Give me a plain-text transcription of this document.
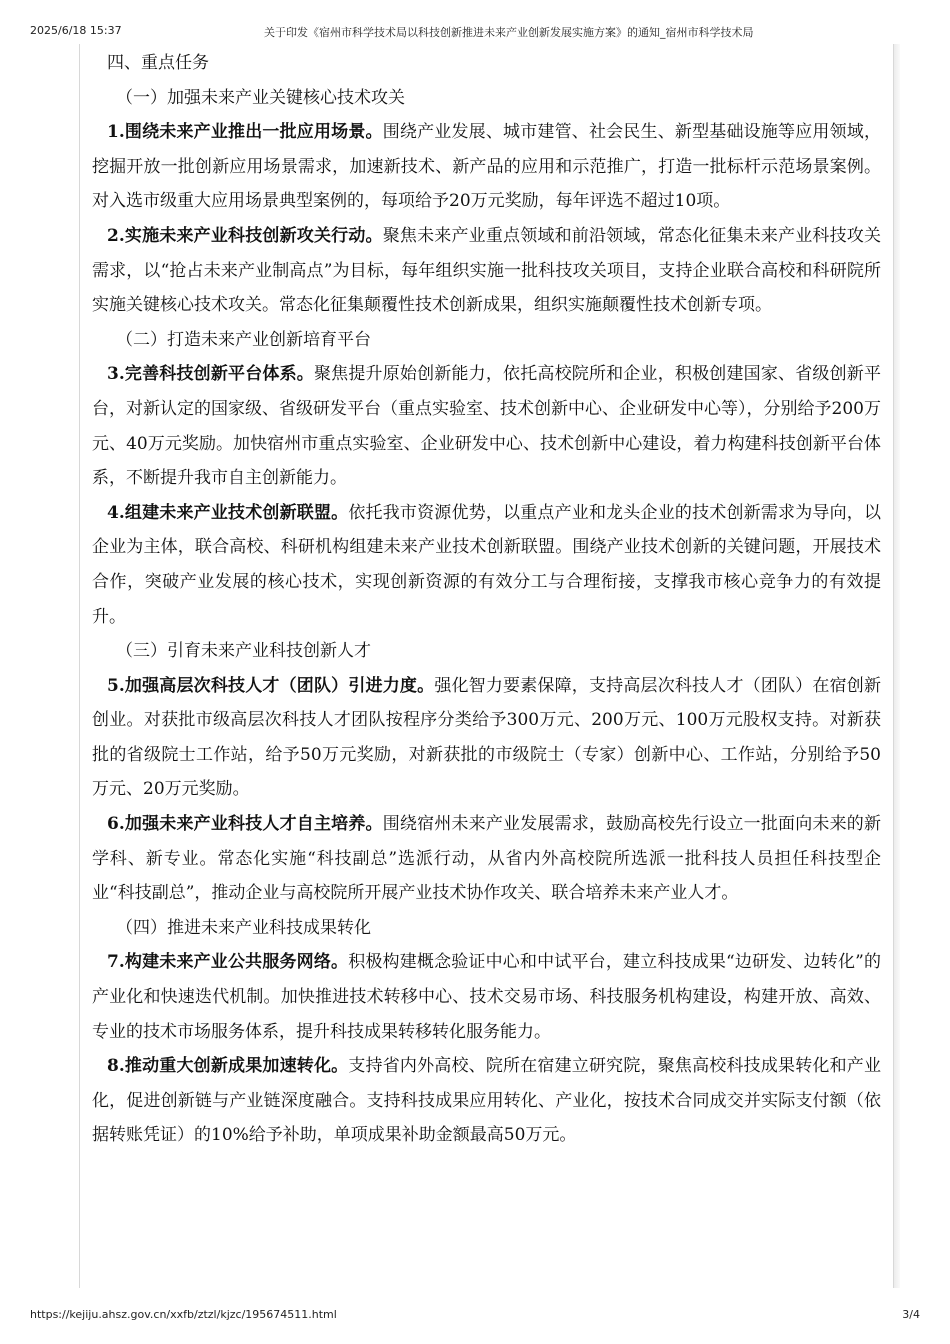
2025/6/18 15:37	关于印发《宿州市科学技术局以科技创新推进未来产业创新发展实施方案》的通知_宿州市科学技术局

四、重点任务

（一）加强未来产业关键核心技术攻关

1.围绕未来产业推出一批应用场景。围绕产业发展、城市建管、社会民生、新型基础设施等应用领域，挖掘开放一批创新应用场景需求，加速新技术、新产品的应用和示范推广，打造一批标杆示范场景案例。对入选市级重大应用场景典型案例的，每项给予20万元奖励，每年评选不超过10项。

2.实施未来产业科技创新攻关行动。聚焦未来产业重点领域和前沿领域，常态化征集未来产业科技攻关需求，以“抢占未来产业制高点”为目标，每年组织实施一批科技攻关项目，支持企业联合高校和科研院所实施关键核心技术攻关。常态化征集颠覆性技术创新成果，组织实施颠覆性技术创新专项。

（二）打造未来产业创新培育平台

3.完善科技创新平台体系。聚焦提升原始创新能力，依托高校院所和企业，积极创建国家、省级创新平台，对新认定的国家级、省级研发平台（重点实验室、技术创新中心、企业研发中心等），分别给予200万元、40万元奖励。加快宿州市重点实验室、企业研发中心、技术创新中心建设，着力构建科技创新平台体系，不断提升我市自主创新能力。

4.组建未来产业技术创新联盟。依托我市资源优势，以重点产业和龙头企业的技术创新需求为导向，以企业为主体，联合高校、科研机构组建未来产业技术创新联盟。围绕产业技术创新的关键问题，开展技术合作，突破产业发展的核心技术，实现创新资源的有效分工与合理衔接，支撑我市核心竞争力的有效提升。

（三）引育未来产业科技创新人才

5.加强高层次科技人才（团队）引进力度。强化智力要素保障，支持高层次科技人才（团队）在宿创新创业。对获批市级高层次科技人才团队按程序分类给予300万元、200万元、100万元股权支持。对新获批的省级院士工作站，给予50万元奖励，对新获批的市级院士（专家）创新中心、工作站，分别给予50万元、20万元奖励。

6.加强未来产业科技人才自主培养。围绕宿州未来产业发展需求，鼓励高校先行设立一批面向未来的新学科、新专业。常态化实施“科技副总”选派行动，从省内外高校院所选派一批科技人员担任科技型企业“科技副总”，推动企业与高校院所开展产业技术协作攻关、联合培养未来产业人才。

（四）推进未来产业科技成果转化

7.构建未来产业公共服务网络。积极构建概念验证中心和中试平台，建立科技成果“边研发、边转化”的产业化和快速迭代机制。加快推进技术转移中心、技术交易市场、科技服务机构建设，构建开放、高效、专业的技术市场服务体系，提升科技成果转移转化服务能力。

8.推动重大创新成果加速转化。支持省内外高校、院所在宿建立研究院，聚焦高校科技成果转化和产业化，促进创新链与产业链深度融合。支持科技成果应用转化、产业化，按技术合同成交并实际支付额（依据转账凭证）的10%给予补助，单项成果补助金额最高50万元。

https://kejiju.ahsz.gov.cn/xxfb/ztzl/kjzc/195674511.html	3/4
